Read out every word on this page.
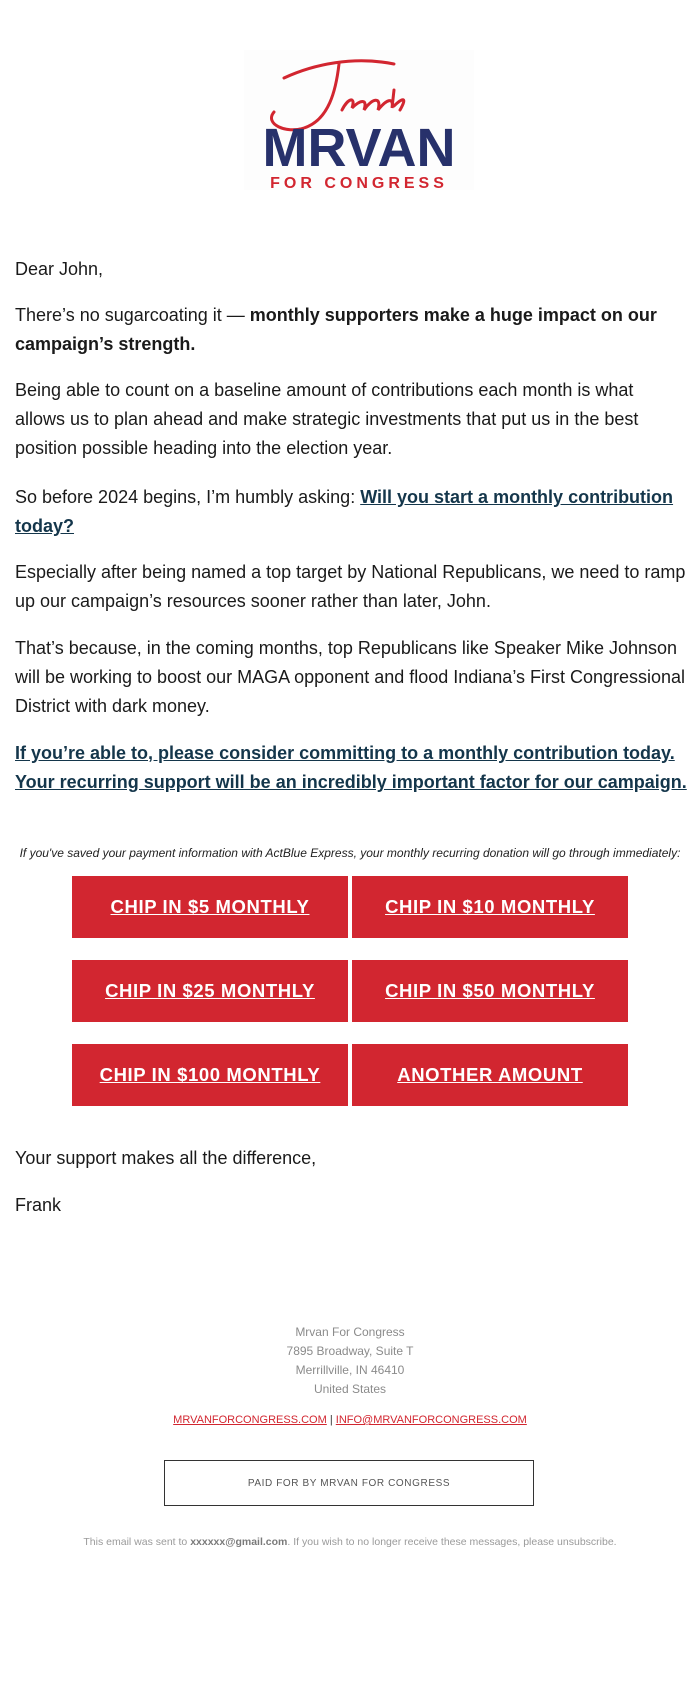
MRVAN
FOR CONGRESS
Frank

Dear John,

There’s no sugarcoating it — monthly supporters make a huge impact on our campaign’s strength.

Being able to count on a baseline amount of contributions each month is what allows us to plan ahead and make strategic investments that put us in the best position possible heading into the election year.

So before 2024 begins, I’m humbly asking: Will you start a monthly contribution today?

Especially after being named a top target by National Republicans, we need to ramp up our campaign’s resources sooner rather than later, John.

That’s because, in the coming months, top Republicans like Speaker Mike Johnson will be working to boost our MAGA opponent and flood Indiana’s First Congressional District with dark money.

If you’re able to, please consider committing to a monthly contribution today. Your recurring support will be an incredibly important factor for our campaign.

If you've saved your payment information with ActBlue Express, your monthly recurring donation will go through immediately:
CHIP IN $5 MONTHLY	CHIP IN $10 MONTHLY
CHIP IN $25 MONTHLY	CHIP IN $50 MONTHLY
CHIP IN $100 MONTHLY	ANOTHER AMOUNT

Your support makes all the difference,

Frank

Mrvan For Congress
7895 Broadway, Suite T
Merrillville, IN 46410
United States
MRVANFORCONGRESS.COM | INFO@MRVANFORCONGRESS.COM
PAID FOR BY MRVAN FOR CONGRESS
This email was sent to xxxxxx@gmail.com. If you wish to no longer receive these messages, please unsubscribe.
